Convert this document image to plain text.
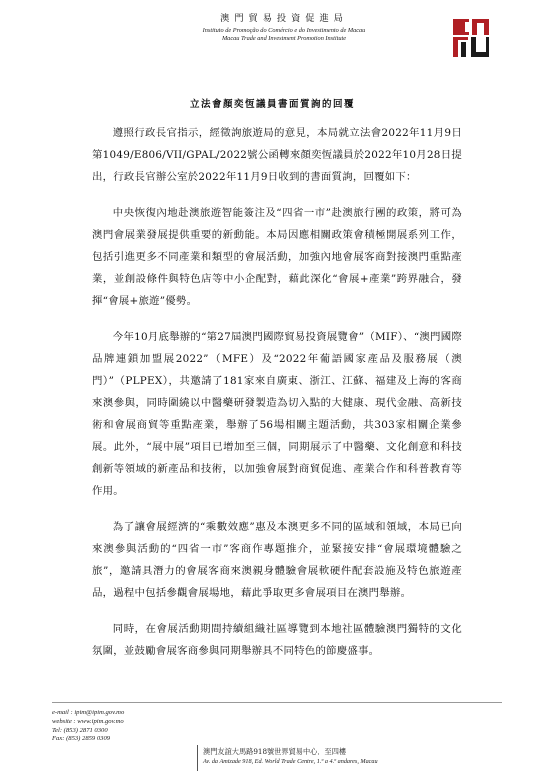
澳門貿易投資促進局
Instituto de Promoção do Comércio e do Investimento de Macau
Macau Trade and Investment Promotion Institute
立法會顏奕恆議員書面質詢的回覆

遵照行政長官指示，經徵詢旅遊局的意見，本局就立法會2022年11月9日第1049/E806/VII/GPAL/2022號公函轉來顏奕恆議員於2022年10月28日提出，行政長官辦公室於2022年11月9日收到的書面質詢，回覆如下：

中央恢復內地赴澳旅遊智能簽注及“四省一市”赴澳旅行團的政策，將可為澳門會展業發展提供重要的新動能。本局因應相關政策會積極開展系列工作，包括引進更多不同產業和類型的會展活動，加強內地會展客商對接澳門重點產業，並創設條件與特色店等中小企配對，藉此深化“會展+產業”跨界融合，發揮“會展+旅遊”優勢。

今年10月底舉辦的“第27屆澳門國際貿易投資展覽會”（MIF）、“澳門國際品牌連鎖加盟展2022”（MFE）及“2022年葡語國家產品及服務展（澳門）”（PLPEX），共邀請了181家來自廣東、浙江、江蘇、福建及上海的客商來澳參與，同時圍繞以中醫藥研發製造為切入點的大健康、現代金融、高新技術和會展商貿等重點產業，舉辦了56場相關主題活動，共303家相關企業參展。此外，“展中展”項目已增加至三個，同期展示了中醫藥、文化創意和科技創新等領域的新產品和技術，以加強會展對商貿促進、產業合作和科普教育等作用。

為了讓會展經濟的“乘數效應”惠及本澳更多不同的區域和領域，本局已向來澳參與活動的“四省一市”客商作專題推介，並緊接安排“會展環境體驗之旅”，邀請具潛力的會展客商來澳親身體驗會展軟硬件配套設施及特色旅遊產品，過程中包括參觀會展場地，藉此爭取更多會展項目在澳門舉辦。

同時，在會展活動期間持續組織社區導覽到本地社區體驗澳門獨特的文化氛圍，並鼓勵會展客商參與同期舉辦具不同特色的節慶盛事。

e-mail : ipim@ipim.gov.mo
website : www.ipim.gov.mo
Tel: (853) 2871 0300
Fax: (853) 2859 0309
澳門友誼大馬路918號世界貿易中心．至四樓
Av. da Amizade 918, Ed. World Trade Centre, 1.º a 4.º andares, Macau
